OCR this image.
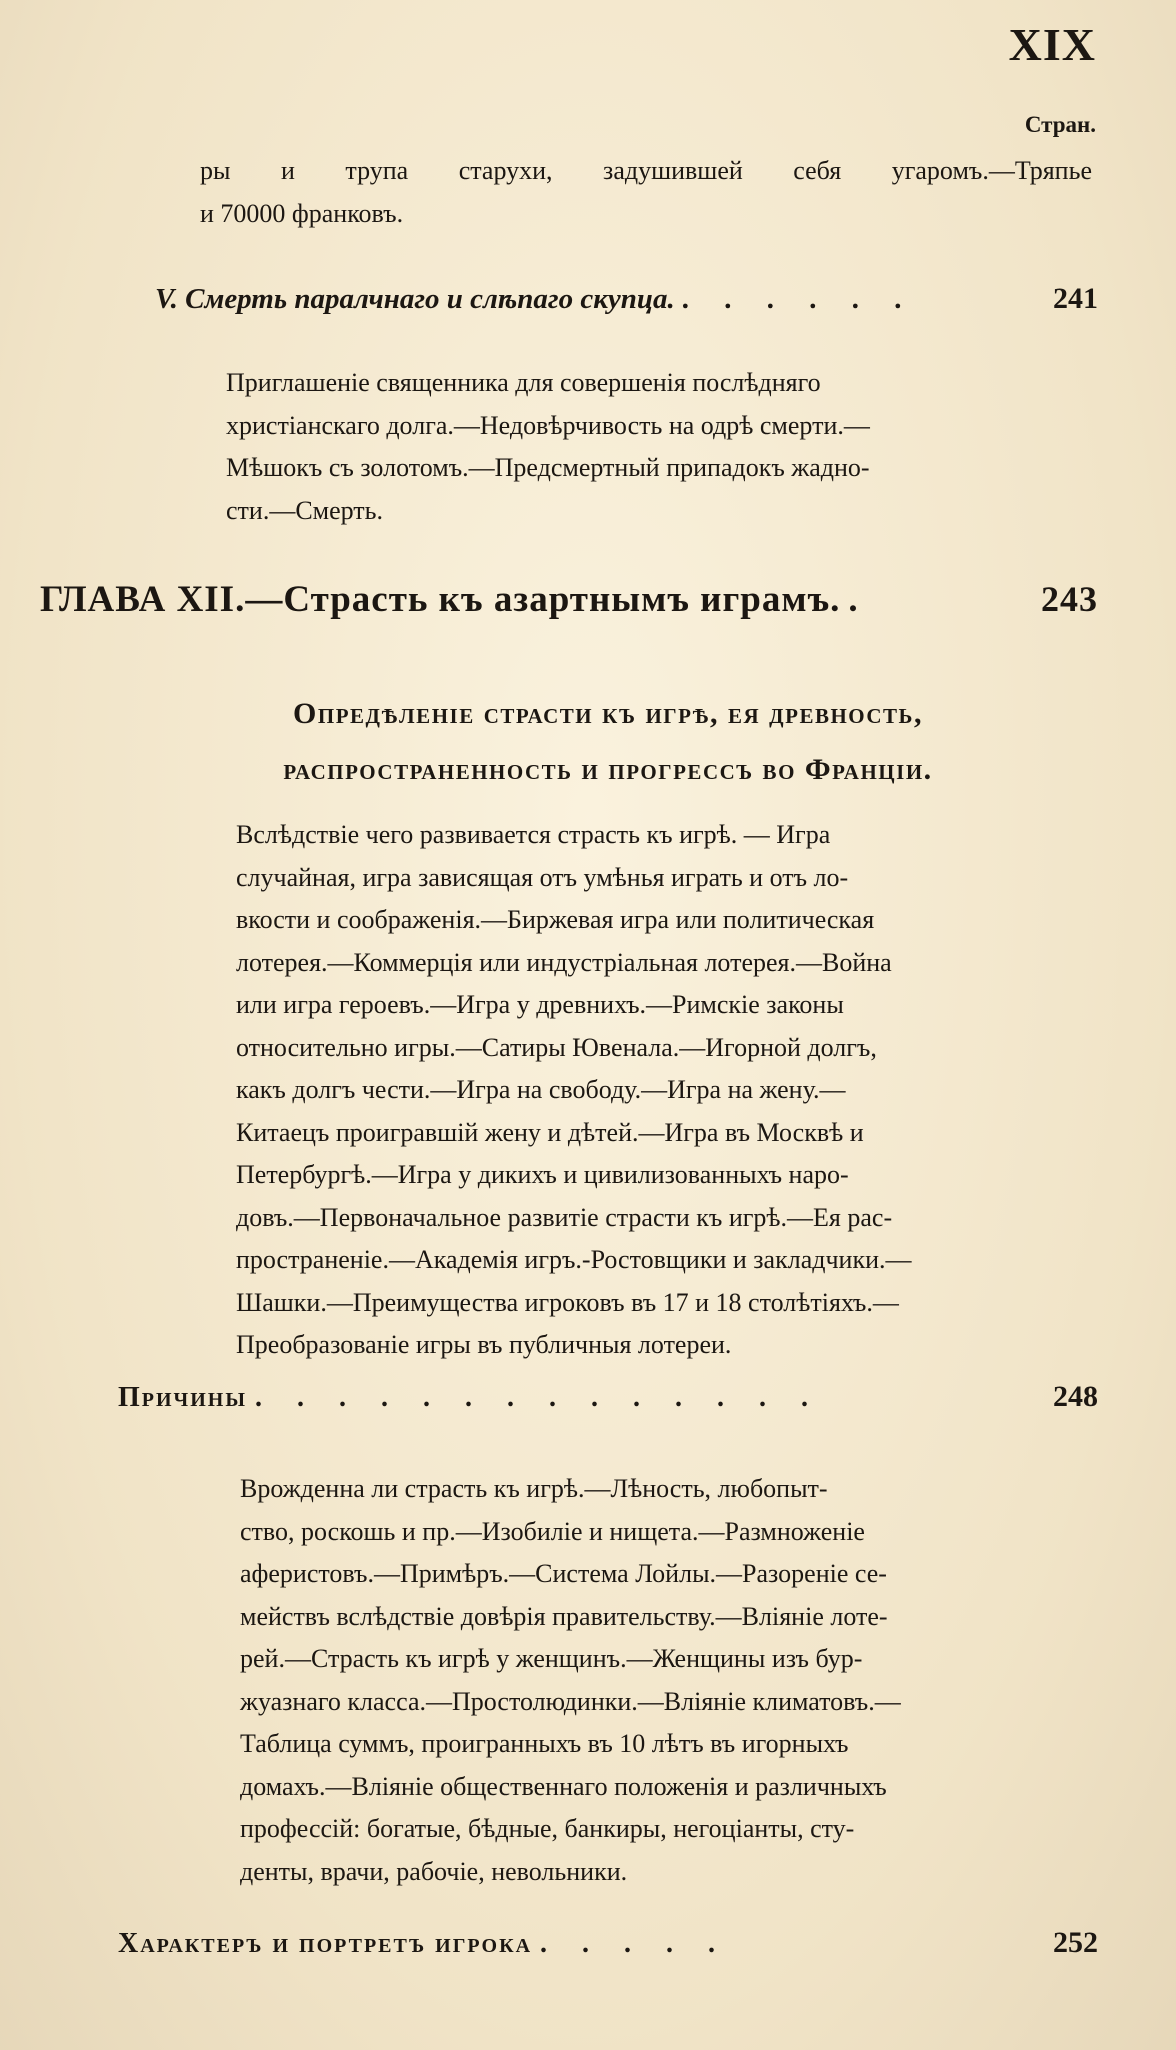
XIX
Стран.
ры и трупа старухи, задушившей себя угаромъ.—Тряпье
и 70000 франковъ.
V. Смерть паралчнаго и слѣпаго скупца. . . . . . .	241
Приглашеніе священника для совершенія послѣдняго
христіанскаго долга.—Недовѣрчивость на одрѣ смерти.—
Мѣшокъ съ золотомъ.—Предсмертный припадокъ жадно-
сти.—Смерть.
ГЛАВА XII.—Страсть къ азартнымъ играмъ. .	243
Опредѣленіе страсти къ игрѣ, ея древность,
распространенность и прогрессъ во Франціи.
Вслѣдствіе чего развивается страсть къ игрѣ. — Игра
случайная, игра зависящая отъ умѣнья играть и отъ ло-
вкости и соображенія.—Биржевая игра или политическая
лотерея.—Коммерція или индустріальная лотерея.—Война
или игра героевъ.—Игра у древнихъ.—Римскіе законы
относительно игры.—Сатиры Ювенала.—Игорной долгъ,
какъ долгъ чести.—Игра на свободу.—Игра на жену.—
Китаецъ проигравшій жену и дѣтей.—Игра въ Москвѣ и
Петербургѣ.—Игра у дикихъ и цивилизованныхъ наро-
довъ.—Первоначальное развитіе страсти къ игрѣ.—Ея рас-
пространеніе.—Академія игръ.-Ростовщики и закладчики.—
Шашки.—Преимущества игроковъ въ 17 и 18 столѣтіяхъ.—
Преобразованіе игры въ публичныя лотереи.
Причины . . . . . . . . . . . . . .	248
Врожденна ли страсть къ игрѣ.—Лѣность, любопыт-
ство, роскошь и пр.—Изобиліе и нищета.—Размноженіе
аферистовъ.—Примѣръ.—Система Лойлы.—Разореніе се-
мействъ вслѣдствіе довѣрія правительству.—Вліяніе лоте-
рей.—Страсть къ игрѣ у женщинъ.—Женщины изъ бур-
жуазнаго класса.—Простолюдинки.—Вліяніе климатовъ.—
Таблица суммъ, проигранныхъ въ 10 лѣтъ въ игорныхъ
домахъ.—Вліяніе общественнаго положенія и различныхъ
профессій: богатые, бѣдные, банкиры, негоціанты, сту-
денты, врачи, рабочіе, невольники.
Характеръ и портретъ игрока . . . . .	252
